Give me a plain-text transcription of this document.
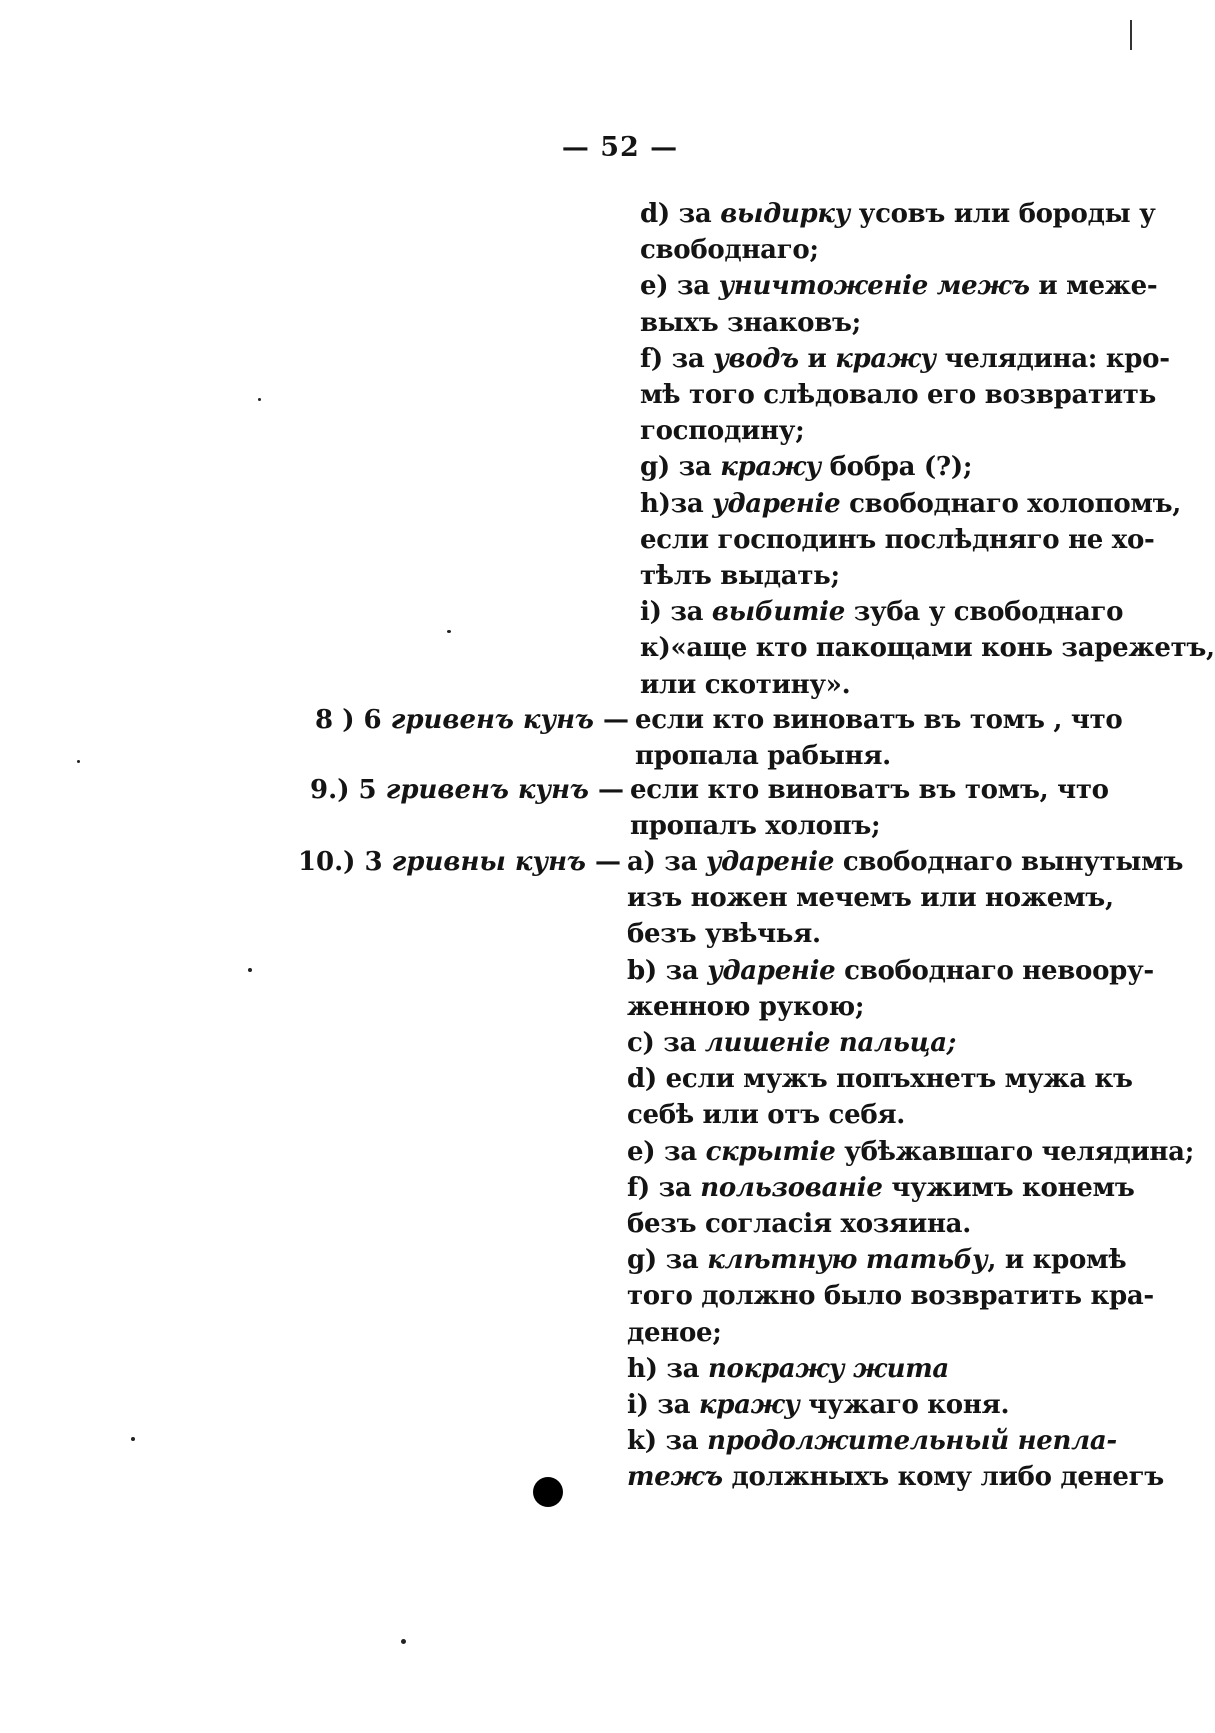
— 52 —
d) за выдирку усовъ или бороды у
свободнаго;
e) за уничтоженіе межъ и меже-
выхъ знаковъ;
f) за уводъ и кражу челядина: кро-
мѣ того слѣдовало его возвратить
господину;
g) за кражу бобра (?);
h)за удареніе свободнаго холопомъ,
если господинъ послѣдняго не хо-
тѣлъ выдать;
i) за выбитіе зуба у свободнаго
к)«аще кто пакощами конь зарежетъ,
или скотину».
8 ) 6 гривенъ кунъ — если кто виноватъ въ томъ , что
пропала рабыня.
9.) 5 гривенъ кунъ — если кто виноватъ въ томъ, что
пропалъ холопъ;
10.) 3 гривны кунъ — a) за удареніе свободнаго вынутымъ
изъ ножен мечемъ или ножемъ,
безъ увѣчья.
b) за удареніе свободнаго невоору-
женною рукою;
c) за лишеніе пальца;
d) если мужъ попъхнетъ мужа къ
себѣ или отъ себя.
e) за скрытіе убѣжавшаго челядина;
f) за пользованіе чужимъ конемъ
безъ согласія хозяина.
g) за клѣтную татьбу, и кромѣ
того должно было возвратить кра-
деное;
h) за покражу жита
i) за кражу чужаго коня.
k) за продолжительный непла-
тежъ должныхъ кому либо денегъ
